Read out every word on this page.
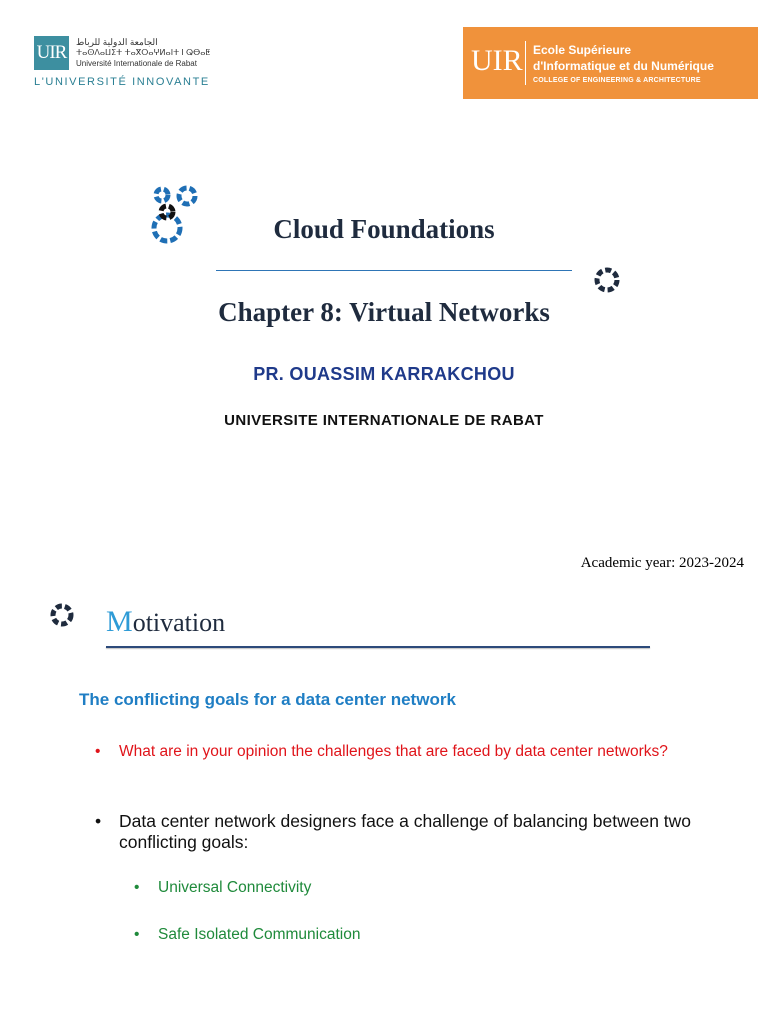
UIR الجامعة الدولية للرباط
ⵜⴰⵙⴷⴰⵡⵉⵜ ⵜⴰⴳⵔⴰⵖⵍⴰⵏⵜ ⵏ ⵕⴱⴰⵟ
Université Internationale de Rabat
L'UNIVERSITÉ INNOVANTE
UIR Ecole Supérieure
d'Informatique et du Numérique
COLLEGE OF ENGINEERING & ARCHITECTURE
Cloud Foundations
Chapter 8: Virtual Networks
PR. OUASSIM KARRAKCHOU
UNIVERSITE INTERNATIONALE DE RABAT
Academic year: 2023-2024
Motivation
The conflicting goals for a data center network
•	What are in your opinion the challenges that are faced by data center networks?
•	Data center network designers face a challenge of balancing between two conflicting goals:
•	Universal Connectivity
•	Safe Isolated Communication
